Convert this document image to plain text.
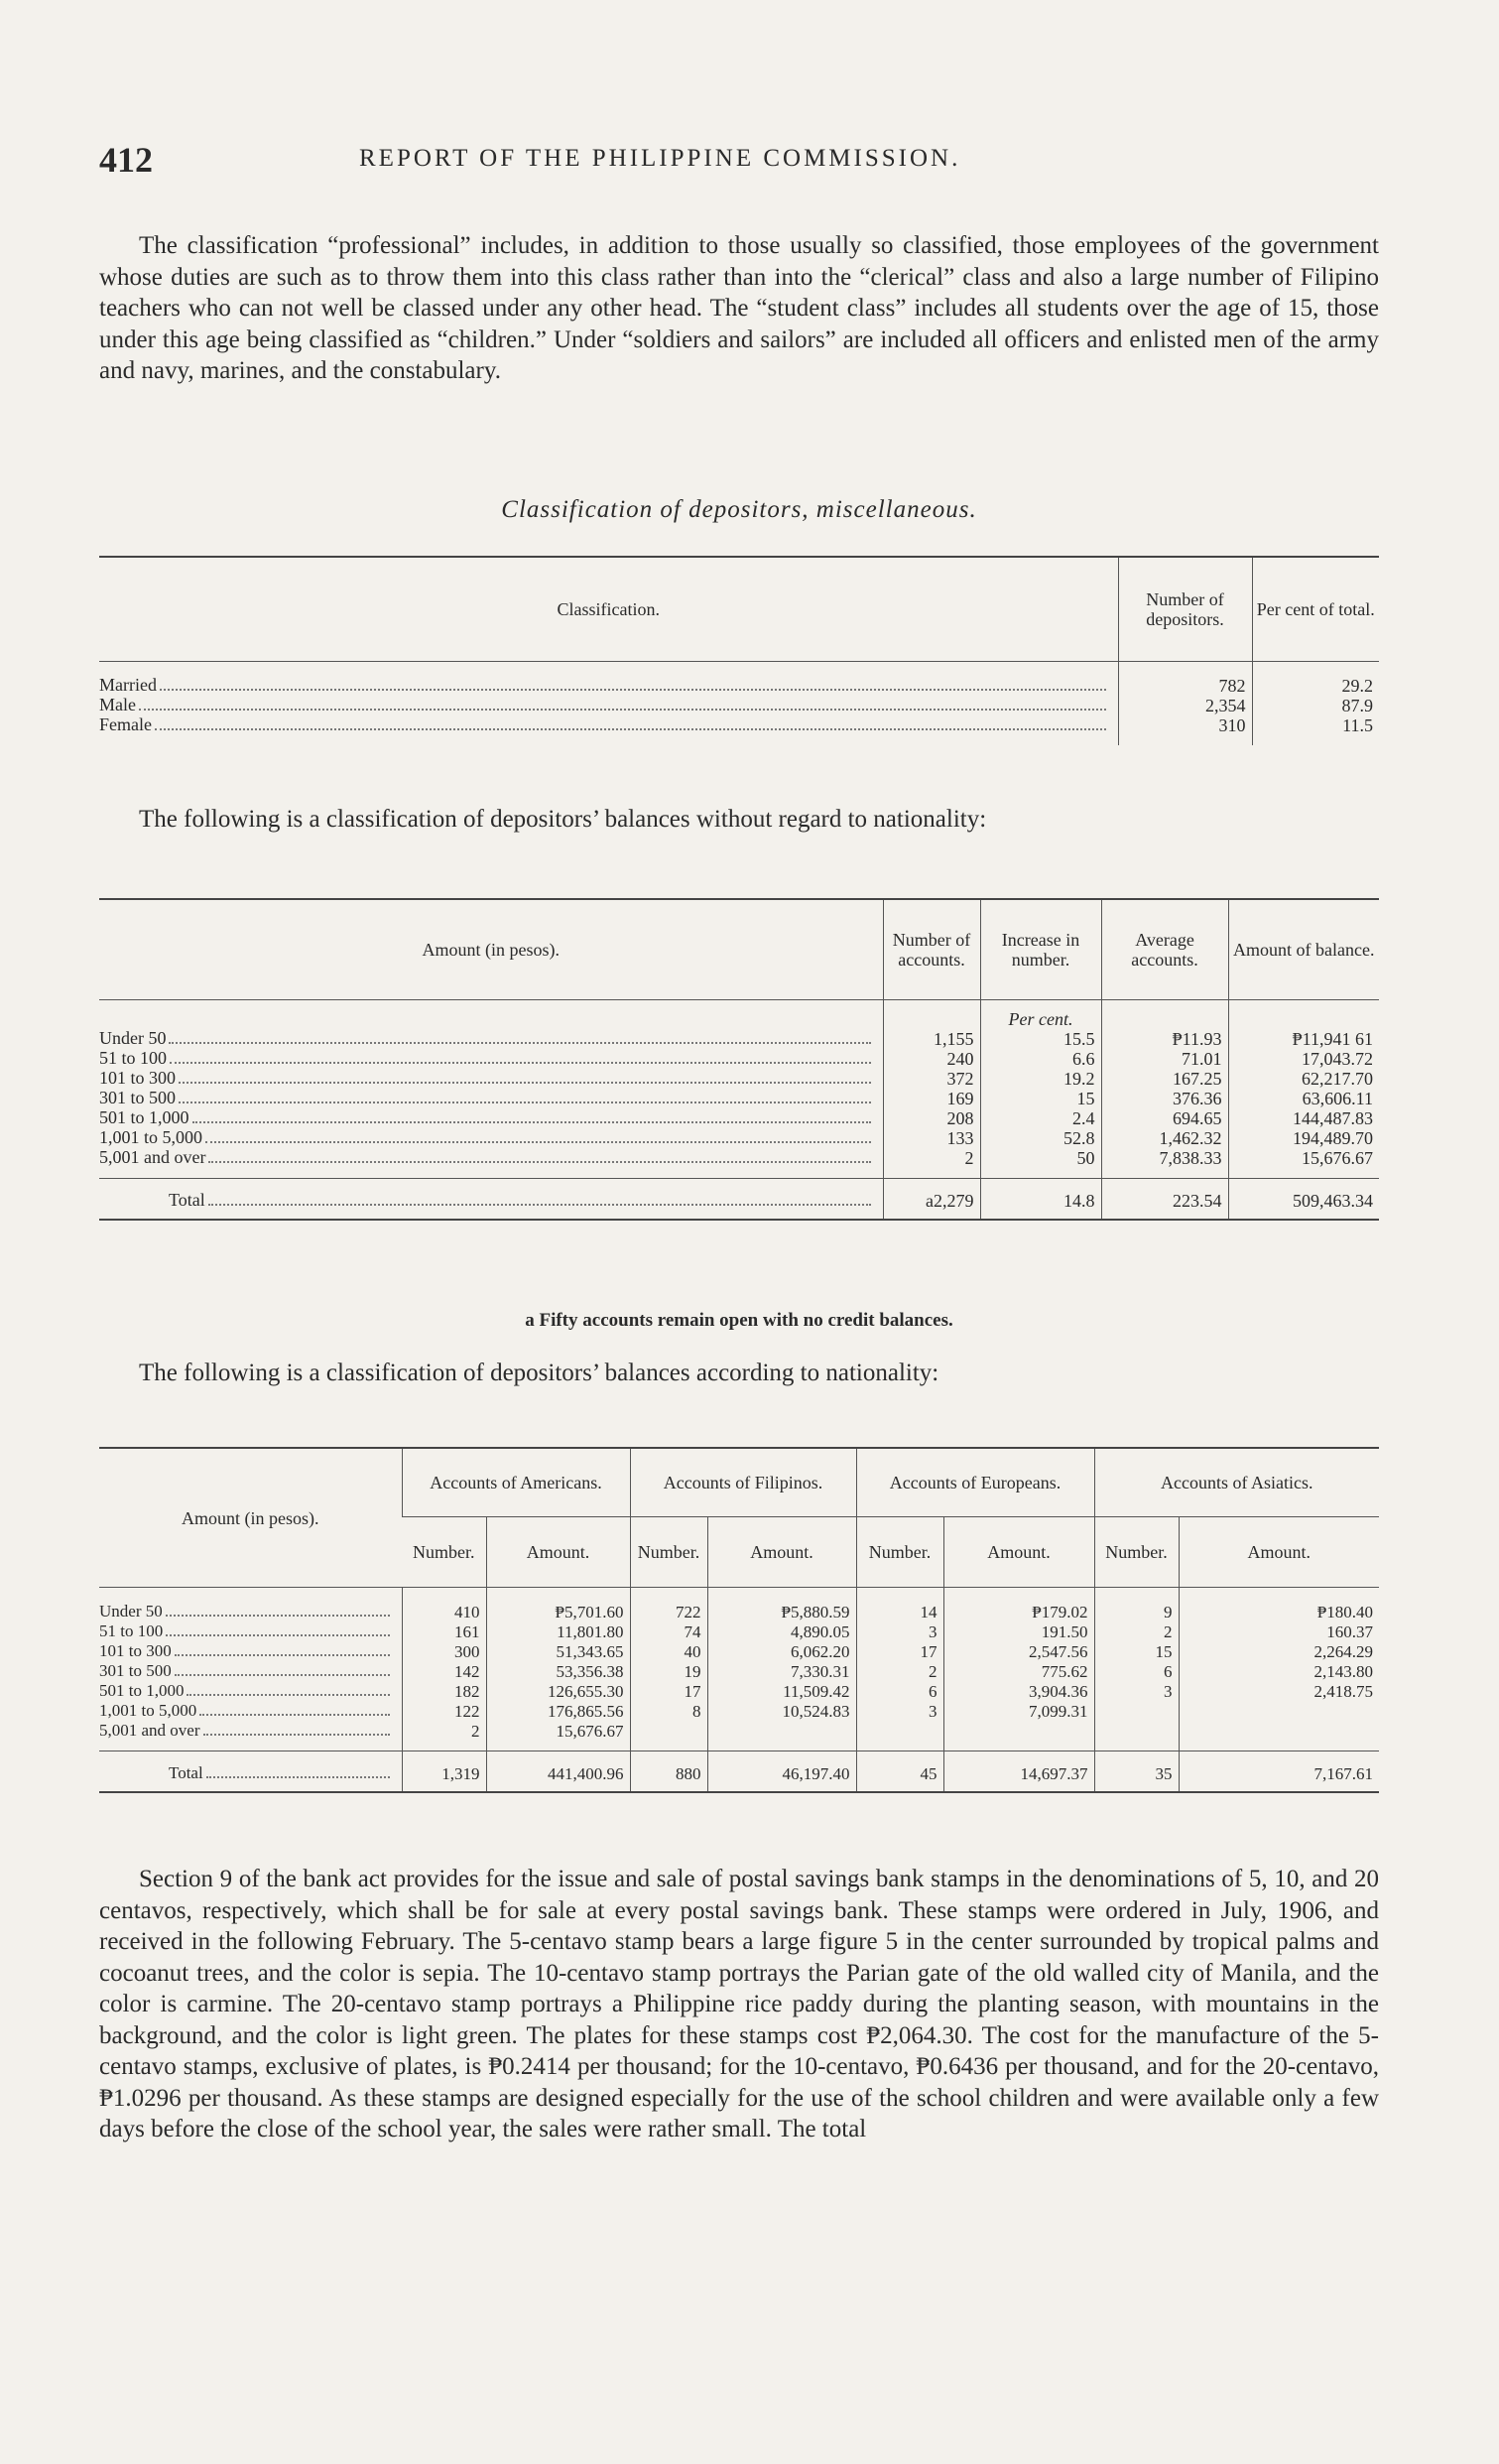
412	REPORT OF THE PHILIPPINE COMMISSION.

The classification “professional” includes, in addition to those usually so classified, those employees of the government whose duties are such as to throw them into this class rather than into the “clerical” class and also a large number of Filipino teachers who can not well be classed under any other head. The “student class” includes all students over the age of 15, those under this age being classified as “children.” Under “soldiers and sailors” are included all officers and enlisted men of the army and navy, marines, and the constabulary.

Classification of depositors, miscellaneous.
Classification.	Number of depositors.	Per cent of total.

Married	782	29.2

Male	2,354	87.9

Female	310	11.5

The following is a classification of depositors’ balances without regard to nationality:

Amount (in pesos).	Number of accounts.	Increase in number.	Average accounts.	Amount of balance.
		Per cent.		

Under 50	1,155	15.5	₱11.93	₱11,941 61

51 to 100	240	6.6	71.01	17,043.72

101 to 300	372	19.2	167.25	62,217.70

301 to 500	169	15	376.36	63,606.11

501 to 1,000	208	2.4	694.65	144,487.83

1,001 to 5,000	133	52.8	1,462.32	194,489.70

5,001 and over	2	50	7,838.33	15,676.67

Total	a2,279	14.8	223.54	509,463.34
a Fifty accounts remain open with no credit balances.

The following is a classification of depositors’ balances according to nationality:

Amount (in pesos).	Accounts of Americans.		Accounts of Filipinos.		Accounts of Europeans.		Accounts of Asiatics.	
	Number.	Amount.	Number.	Amount.	Number.	Amount.	Number.	Amount.

Under 50	410	₱5,701.60	722	₱5,880.59	14	₱179.02	9	₱180.40

51 to 100	161	11,801.80	74	4,890.05	3	191.50	2	160.37

101 to 300	300	51,343.65	40	6,062.20	17	2,547.56	15	2,264.29

301 to 500	142	53,356.38	19	7,330.31	2	775.62	6	2,143.80

501 to 1,000	182	126,655.30	17	11,509.42	6	3,904.36	3	2,418.75

1,001 to 5,000	122	176,865.56	8	10,524.83	3	7,099.31		

5,001 and over	2	15,676.67						

Total	1,319	441,400.96	880	46,197.40	45	14,697.37	35	7,167.61

Section 9 of the bank act provides for the issue and sale of postal savings bank stamps in the denominations of 5, 10, and 20 centavos, respectively, which shall be for sale at every postal savings bank. These stamps were ordered in July, 1906, and received in the following February. The 5-centavo stamp bears a large figure 5 in the center surrounded by tropical palms and cocoanut trees, and the color is sepia. The 10-centavo stamp portrays the Parian gate of the old walled city of Manila, and the color is carmine. The 20-centavo stamp portrays a Philippine rice paddy during the planting season, with mountains in the background, and the color is light green. The plates for these stamps cost ₱2,064.30. The cost for the manufacture of the 5-centavo stamps, exclusive of plates, is ₱0.2414 per thousand; for the 10-centavo, ₱0.6436 per thousand, and for the 20-centavo, ₱1.0296 per thousand. As these stamps are designed especially for the use of the school children and were available only a few days before the close of the school year, the sales were rather small. The total
